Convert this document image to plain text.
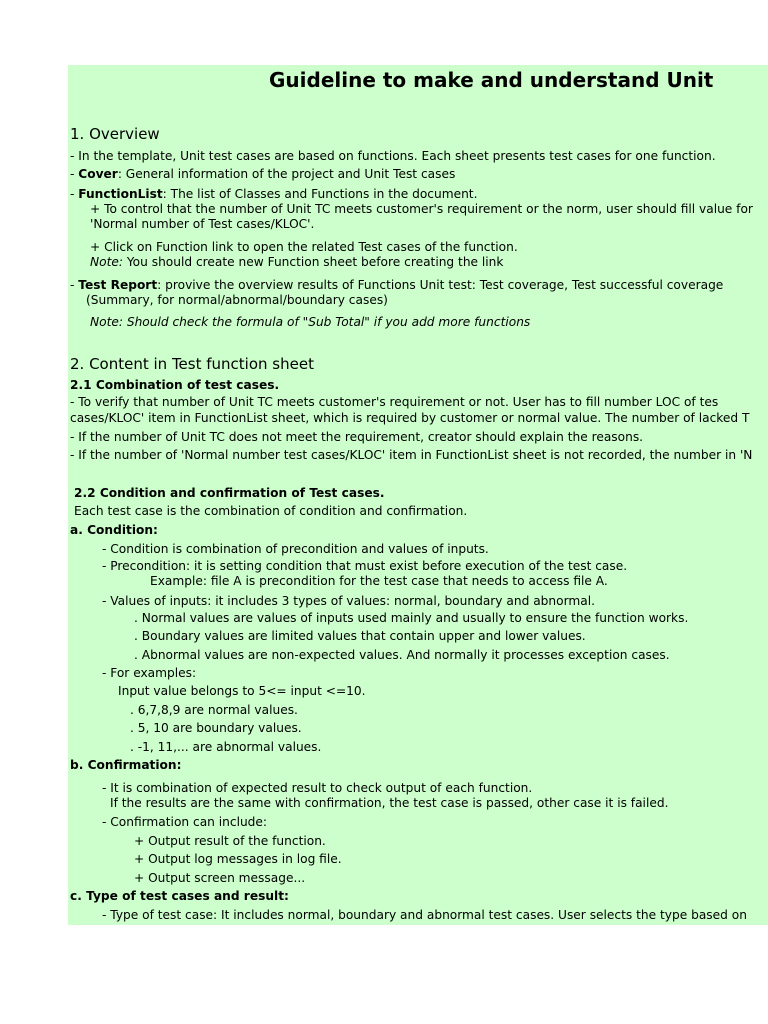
Guideline to make and understand Unit
1. Overview
- In the template, Unit test cases are based on functions. Each sheet presents test cases for one function.
- Cover: General information of the project and Unit Test cases
- FunctionList: The list of Classes and Functions in the document.
+ To control that the number of Unit TC meets customer's requirement or the norm, user should fill value for
'Normal number of Test cases/KLOC'.
+ Click on Function link to open the related Test cases of the function.
Note: You should create new Function sheet before creating the link
- Test Report: provive the overview results of Functions Unit test: Test coverage, Test successful coverage
(Summary, for normal/abnormal/boundary cases)
Note: Should check the formula of "Sub Total" if you add more functions
2. Content in Test function sheet
2.1 Combination of test cases.
- To verify that number of Unit TC meets customer's requirement or not. User has to fill number LOC of tes
cases/KLOC' item in FunctionList sheet, which is required by customer or normal value. The number of lacked T
- If the number of Unit TC does not meet the requirement, creator should explain the reasons.
- If the number of 'Normal number test cases/KLOC' item in FunctionList sheet is not recorded, the number in 'N
2.2 Condition and confirmation of Test cases.
Each test case is the combination of condition and confirmation.
a. Condition:
- Condition is combination of precondition and values of inputs.
- Precondition: it is setting condition that must exist before execution of the test case.
Example: file A is precondition for the test case that needs to access file A.
- Values of inputs: it includes 3 types of values: normal, boundary and abnormal.
. Normal values are values of inputs used mainly and usually to ensure the function works.
. Boundary values are limited values that contain upper and lower values.
. Abnormal values are non-expected values. And normally it processes exception cases.
- For examples:
Input value belongs to 5<= input <=10.
. 6,7,8,9 are normal values.
. 5, 10 are boundary values.
. -1, 11,... are abnormal values.
b. Confirmation:
- It is combination of expected result to check output of each function.
If the results are the same with confirmation, the test case is passed, other case it is failed.
- Confirmation can include:
+ Output result of the function.
+ Output log messages in log file.
+ Output screen message...
c. Type of test cases and result:
- Type of test case: It includes normal, boundary and abnormal test cases. User selects the type based on
